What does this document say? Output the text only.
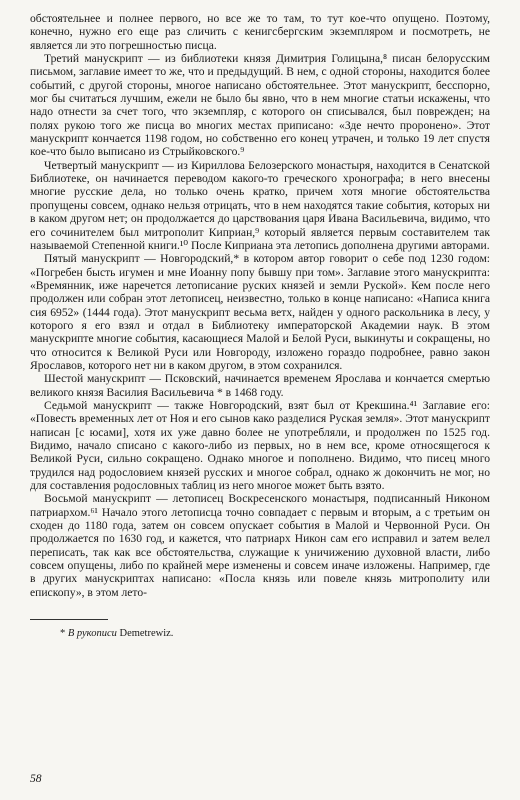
обстоятельнее и полнее первого, но все же то там, то тут кое-что опущено. Поэтому, конечно, нужно его еще раз сличить с кенигсбергским экземпляром и посмотреть, не является ли это погрешностью писца.

Третий манускрипт — из библиотеки князя Димитрия Голицына,⁸ писан белорусским письмом, заглавие имеет то же, что и предыдущий. В нем, с одной стороны, находится более событий, с другой стороны, многое написано обстоятельнее. Этот манускрипт, бесспорно, мог бы считаться лучшим, ежели не было бы явно, что в нем многие статьи искажены, что надо отнести за счет того, что экземпляр, с которого он списывался, был поврежден; на полях рукою того же писца во многих местах приписано: «Зде нечто проронено». Этот манускрипт кончается 1198 годом, но собственно его конец утрачен, и только 19 лет спустя кое-что было выписано из Стрыйковского.⁹

Четвертый манускрипт — из Кириллова Белозерского монастыря, находится в Сенатской Библиотеке, он начинается переводом какого-то греческого хронографа; в него внесены многие русские дела, но только очень кратко, причем хотя многие обстоятельства пропущены совсем, однако нельзя отрицать, что в нем находятся такие события, которых ни в каком другом нет; он продолжается до царствования царя Ивана Васильевича, видимо, что его сочинителем был митрополит Киприан,⁹ который является первым составителем так называемой Степенной книги.¹⁰ После Киприана эта летопись дополнена другими авторами.

Пятый манускрипт — Новгородский,* в котором автор говорит о себе под 1230 годом: «Погребен бысть игумен и мне Иоанну попу бывшу при том». Заглавие этого манускрипта: «Времянник, иже наречется летописание руских князей и земли Руской». Кем после него продолжен или собран этот летописец, неизвестно, только в конце написано: «Написа книга сия 6952» (1444 года). Этот манускрипт весьма ветх, найден у одного раскольника в лесу, у которого я его взял и отдал в Библиотеку императорской Академии наук. В этом манускрипте многие события, касающиеся Малой и Белой Руси, выкинуты и сокращены, но что относится к Великой Руси или Новгороду, изложено гораздо подробнее, равно закон Ярославов, которого нет ни в каком другом, в этом сохранился.

Шестой манускрипт — Псковский, начинается временем Ярослава и кончается смертью великого князя Василия Васильевича * в 1468 году.

Седьмой манускрипт — также Новгородский, взят был от Крекшина.⁴¹ Заглавие его: «Повесть временных лет от Ноя и его сынов како разделися Руская земля». Этот манускрипт написан [с юсами], хотя их уже давно более не употребляли, и продолжен по 1525 год. Видимо, начало списано с какого-либо из первых, но в нем все, кроме относящегося к Великой Руси, сильно сокращено. Однако многое и пополнено. Видимо, что писец много трудился над родословием князей русских и многое собрал, однако ж докончить не мог, но для составления родословных таблиц из него многое может быть взято.

Восьмой манускрипт — летописец Воскресенского монастыря, подписанный Никоном патриархом.⁶¹ Начало этого летописца точно совпадает с первым и вторым, а с третьим он сходен до 1180 года, затем он совсем опускает события в Малой и Червонной Руси. Он продолжается по 1630 год, и кажется, что патриарх Никон сам его исправил и затем велел переписать, так как все обстоятельства, служащие к уничижению духовной власти, либо совсем опущены, либо по крайней мере изменены и совсем иначе изложены. Например, где в других манускриптах написано: «Посла князь или повеле князь митрополиту или епископу», в этом лето-

* В рукописи Demetrewiz.
58
